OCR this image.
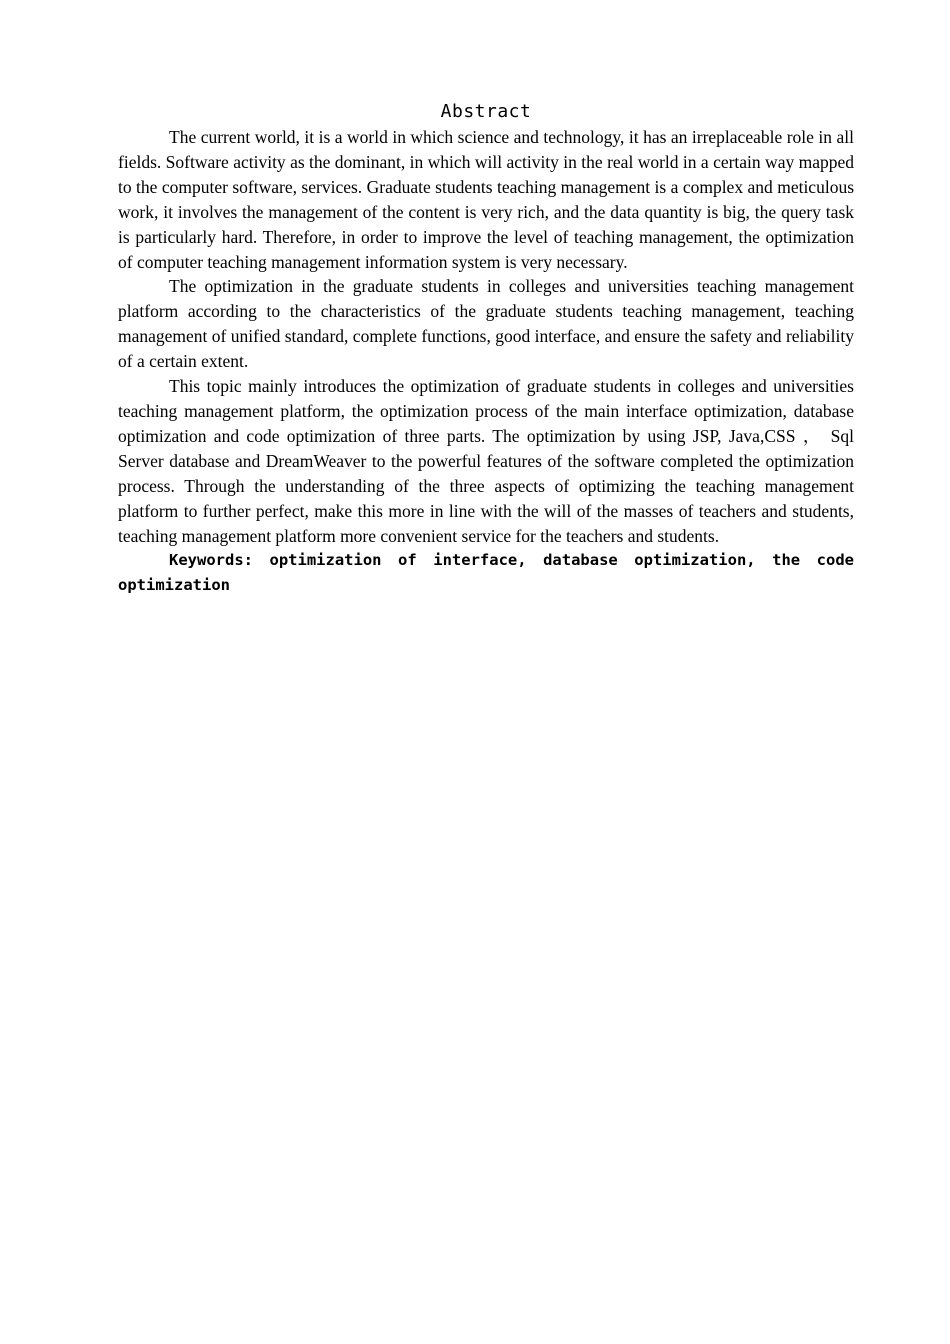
Abstract

The current world, it is a world in which science and technology, it has an irreplaceable role in all fields. Software activity as the dominant, in which will activity in the real world in a certain way mapped to the computer software, services. Graduate students teaching management is a complex and meticulous work, it involves the management of the content is very rich, and the data quantity is big, the query task is particularly hard. Therefore, in order to improve the level of teaching management, the optimization of computer teaching management information system is very necessary.

The optimization in the graduate students in colleges and universities teaching management platform according to the characteristics of the graduate students teaching management, teaching management of unified standard, complete functions, good interface, and ensure the safety and reliability of a certain extent.

This topic mainly introduces the optimization of graduate students in colleges and universities teaching management platform, the optimization process of the main interface optimization, database optimization and code optimization of three parts. The optimization by using JSP, Java,CSS ， Sql Server database and DreamWeaver to the powerful features of the software completed the optimization process. Through the understanding of the three aspects of optimizing the teaching management platform to further perfect, make this more in line with the will of the masses of teachers and students, teaching management platform more convenient service for the teachers and students.

Keywords: optimization of interface, database optimization, the code optimization
